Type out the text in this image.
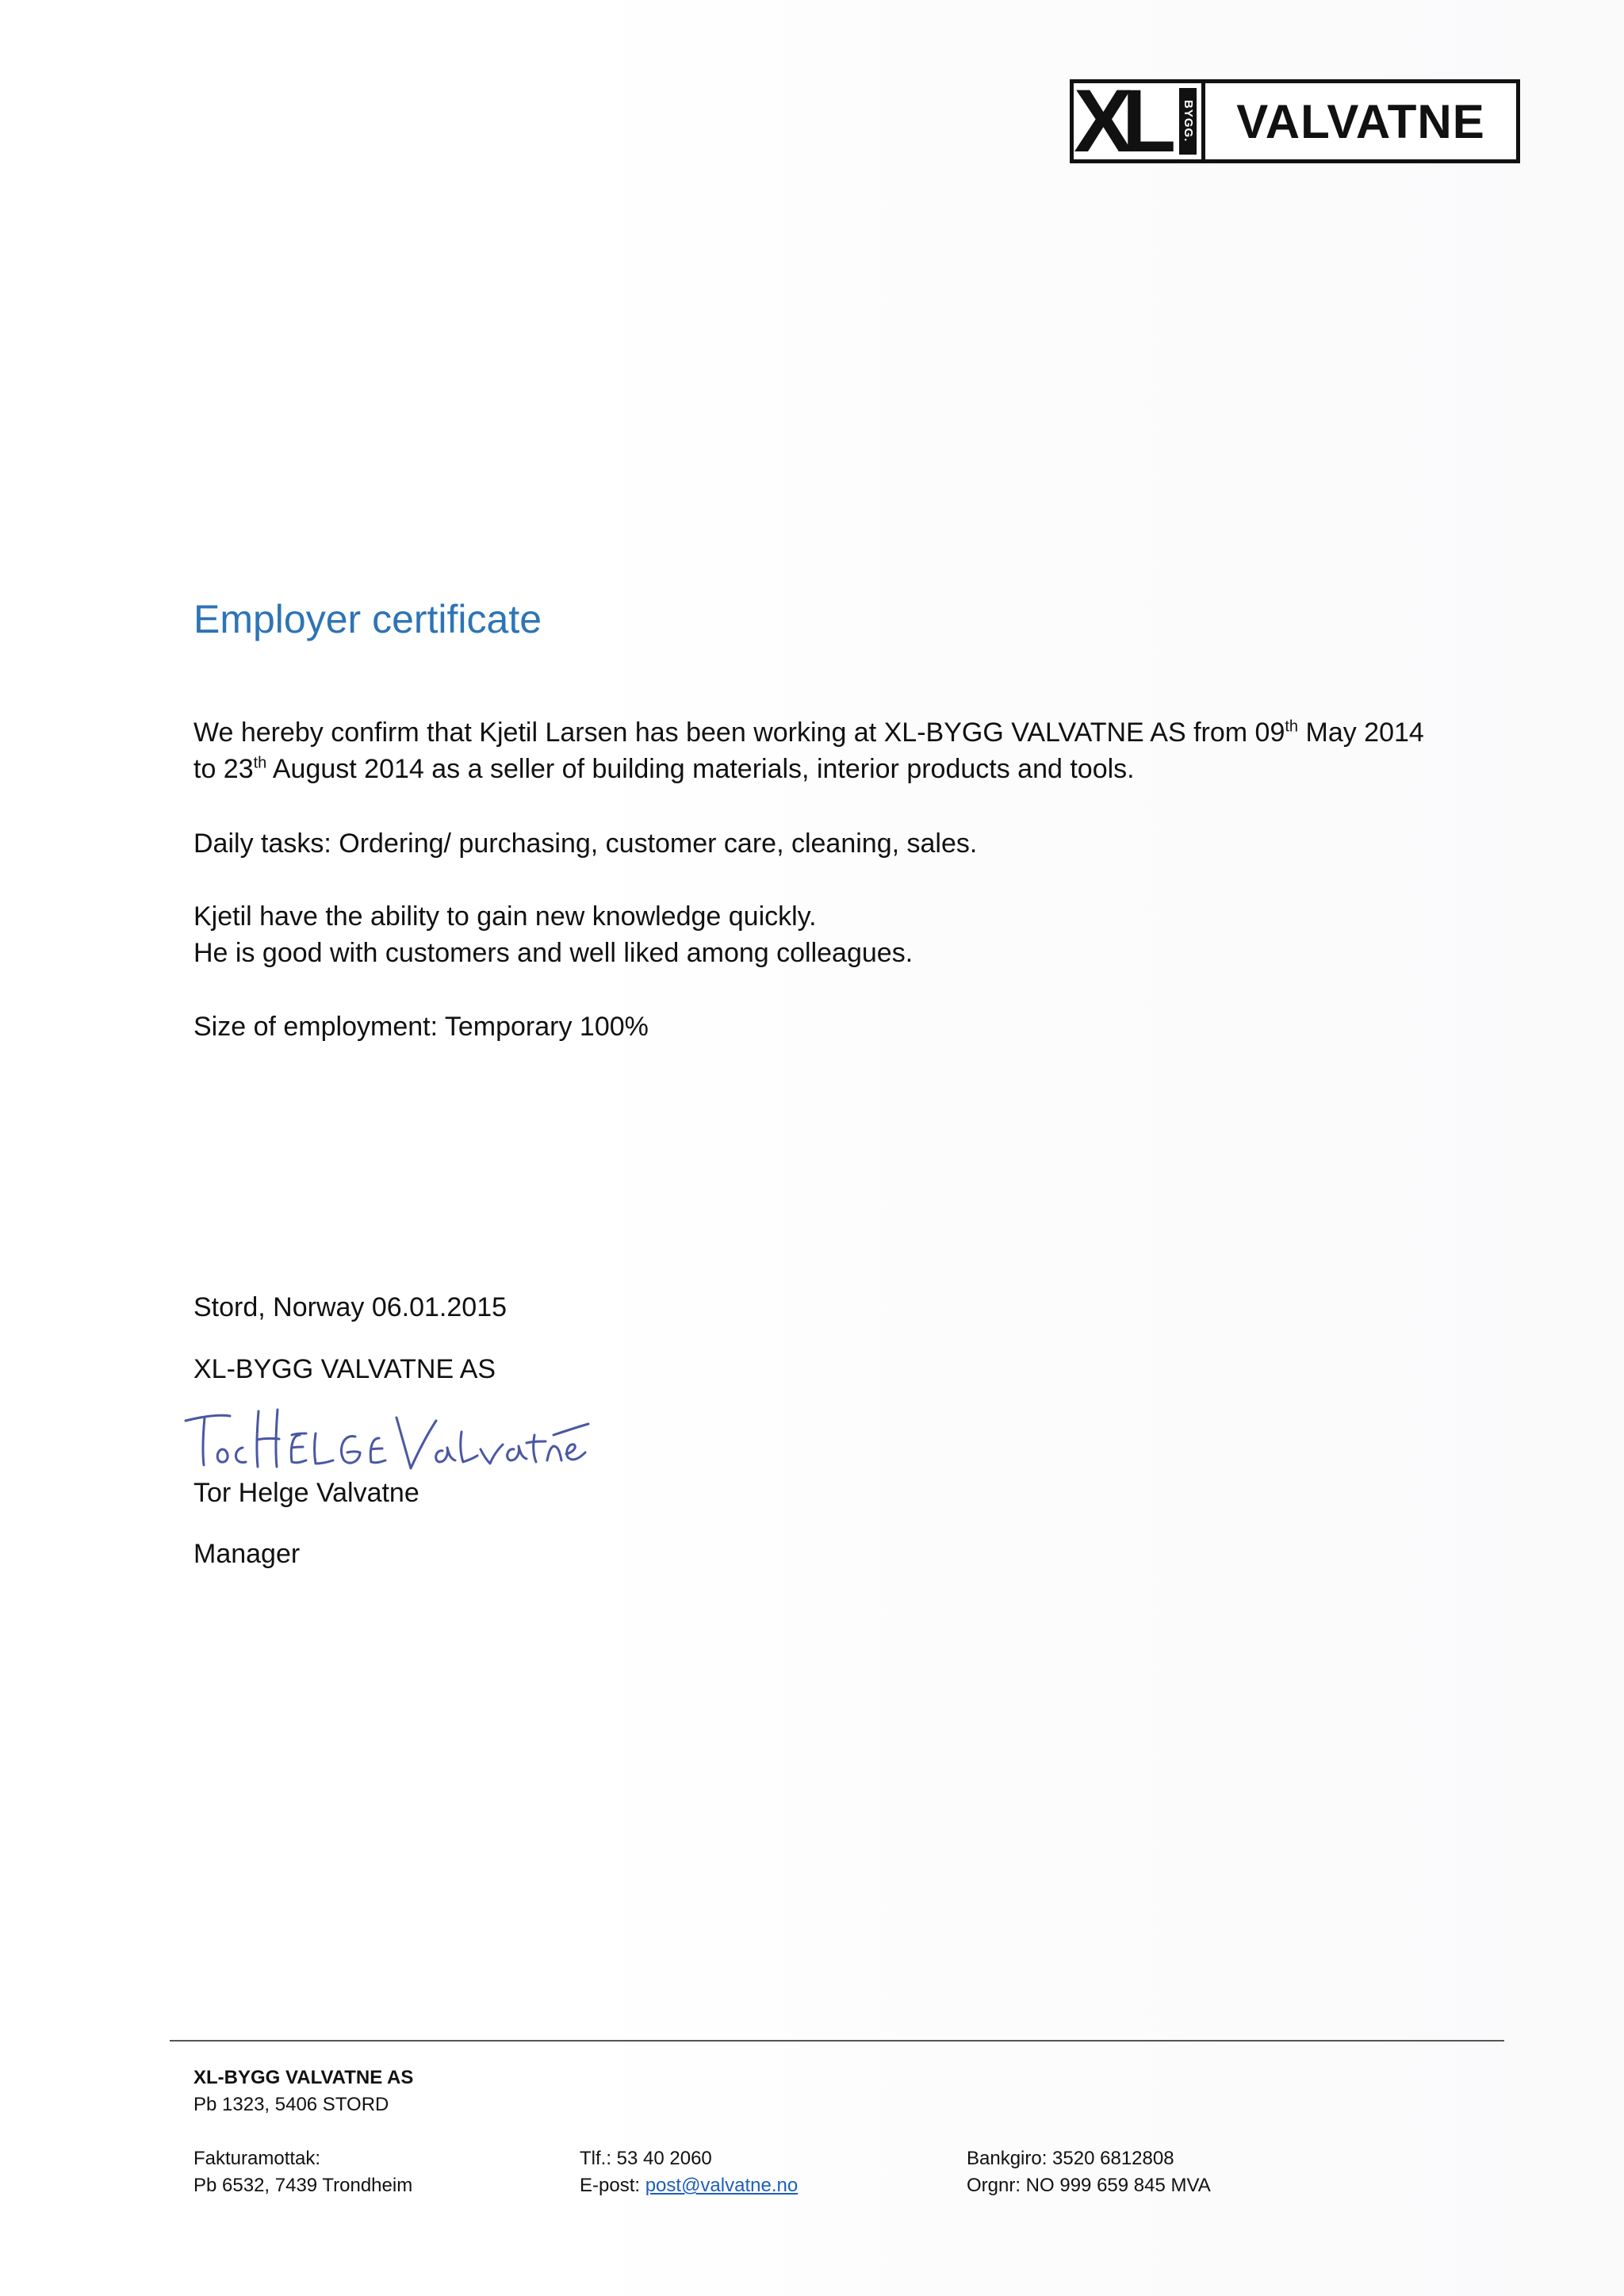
XL BYGG. VALVATNE
Employer certificate
We hereby confirm that Kjetil Larsen has been working at XL-BYGG VALVATNE AS from 09th May 2014
to 23th August 2014 as a seller of building materials, interior products and tools.
Daily tasks: Ordering/ purchasing, customer care, cleaning, sales.
Kjetil have the ability to gain new knowledge quickly.
He is good with customers and well liked among colleagues.
Size of employment: Temporary 100%
Stord, Norway 06.01.2015
XL-BYGG VALVATNE AS
Tor Helge Valvatne
Manager
XL-BYGG VALVATNE AS
Pb 1323, 5406 STORD
Fakturamottak:
Pb 6532, 7439 Trondheim
Tlf.: 53 40 2060
E-post: post@valvatne.no
Bankgiro: 3520 6812808
Orgnr: NO 999 659 845 MVA
